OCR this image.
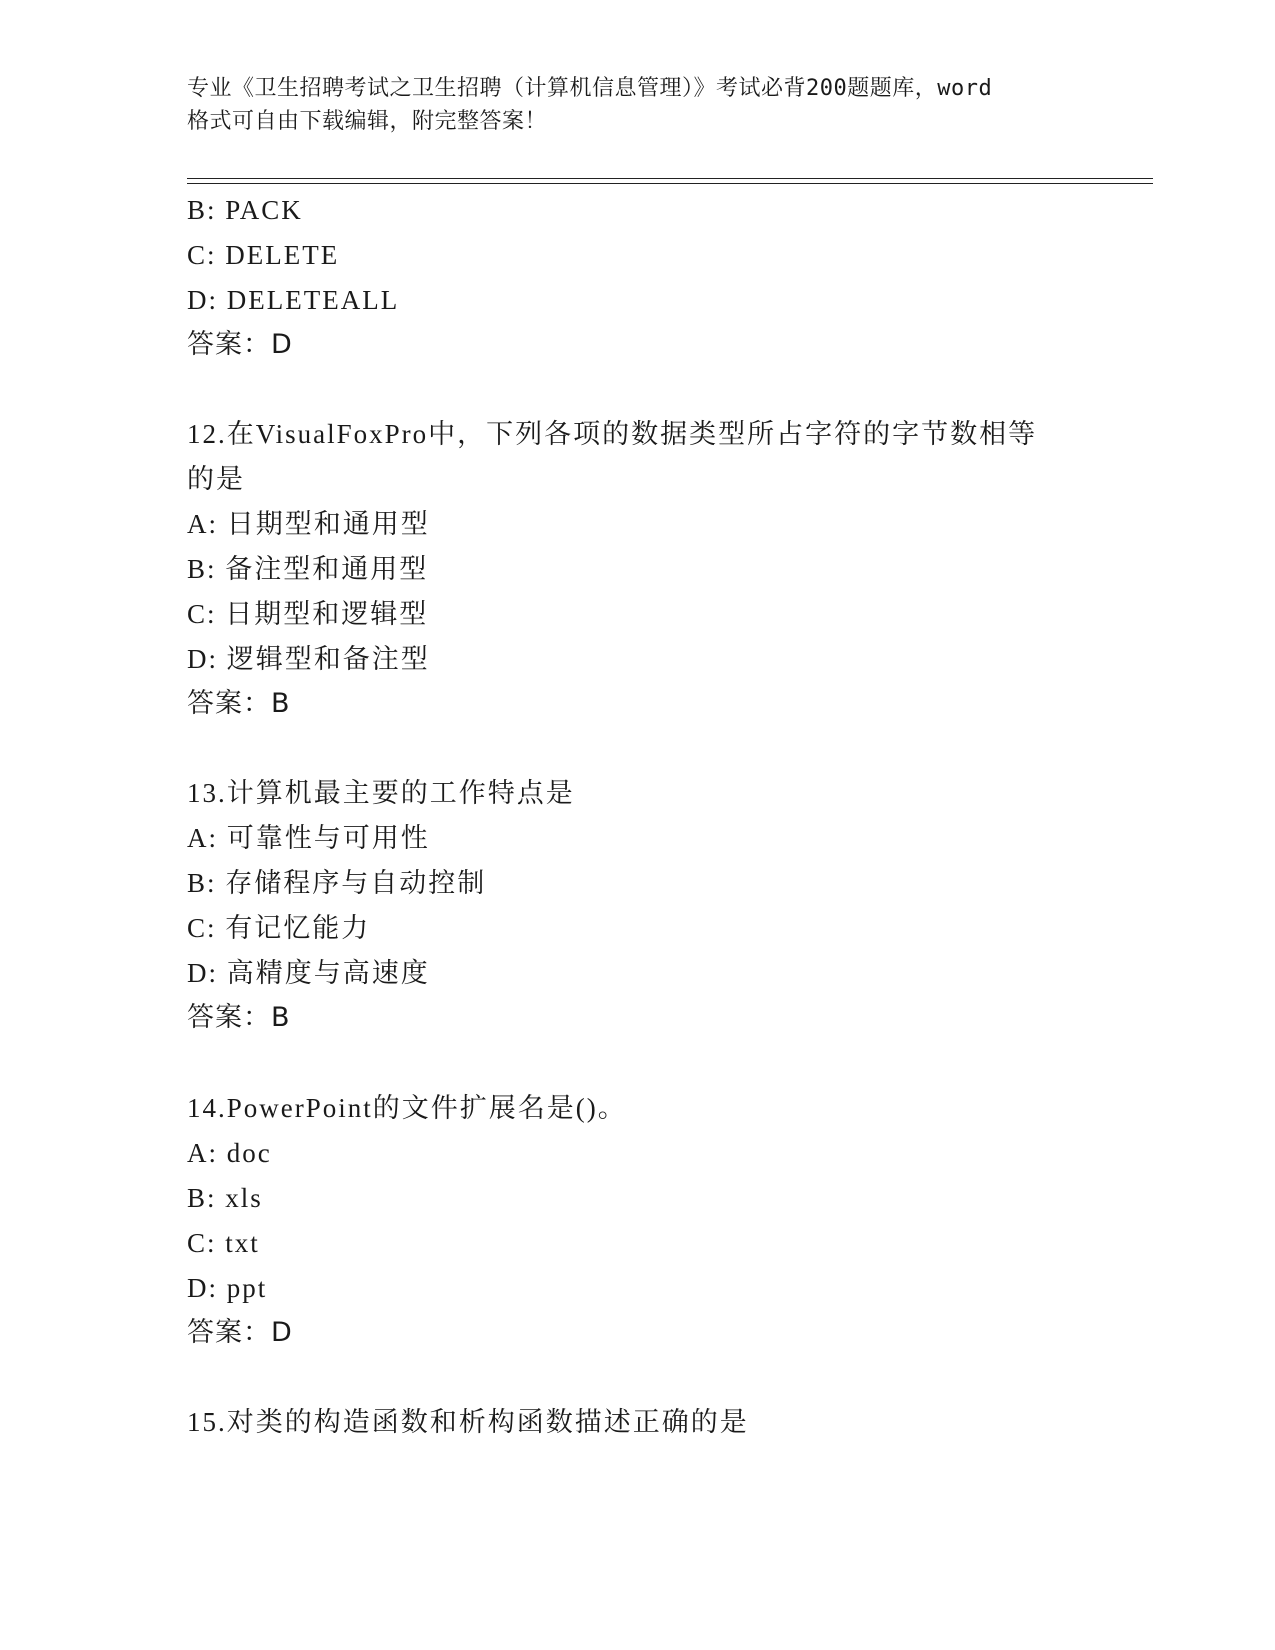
专业《卫生招聘考试之卫生招聘（计算机信息管理）》考试必背200题题库，word
格式可自由下载编辑，附完整答案！
B: PACK
C: DELETE
D: DELETEALL
答案：D
12.在VisualFoxPro中，下列各项的数据类型所占字符的字节数相等
的是
A: 日期型和通用型
B: 备注型和通用型
C: 日期型和逻辑型
D: 逻辑型和备注型
答案：B
13.计算机最主要的工作特点是
A: 可靠性与可用性
B: 存储程序与自动控制
C: 有记忆能力
D: 高精度与高速度
答案：B
14.PowerPoint的文件扩展名是()。
A: doc
B: xls
C: txt
D: ppt
答案：D
15.对类的构造函数和析构函数描述正确的是
